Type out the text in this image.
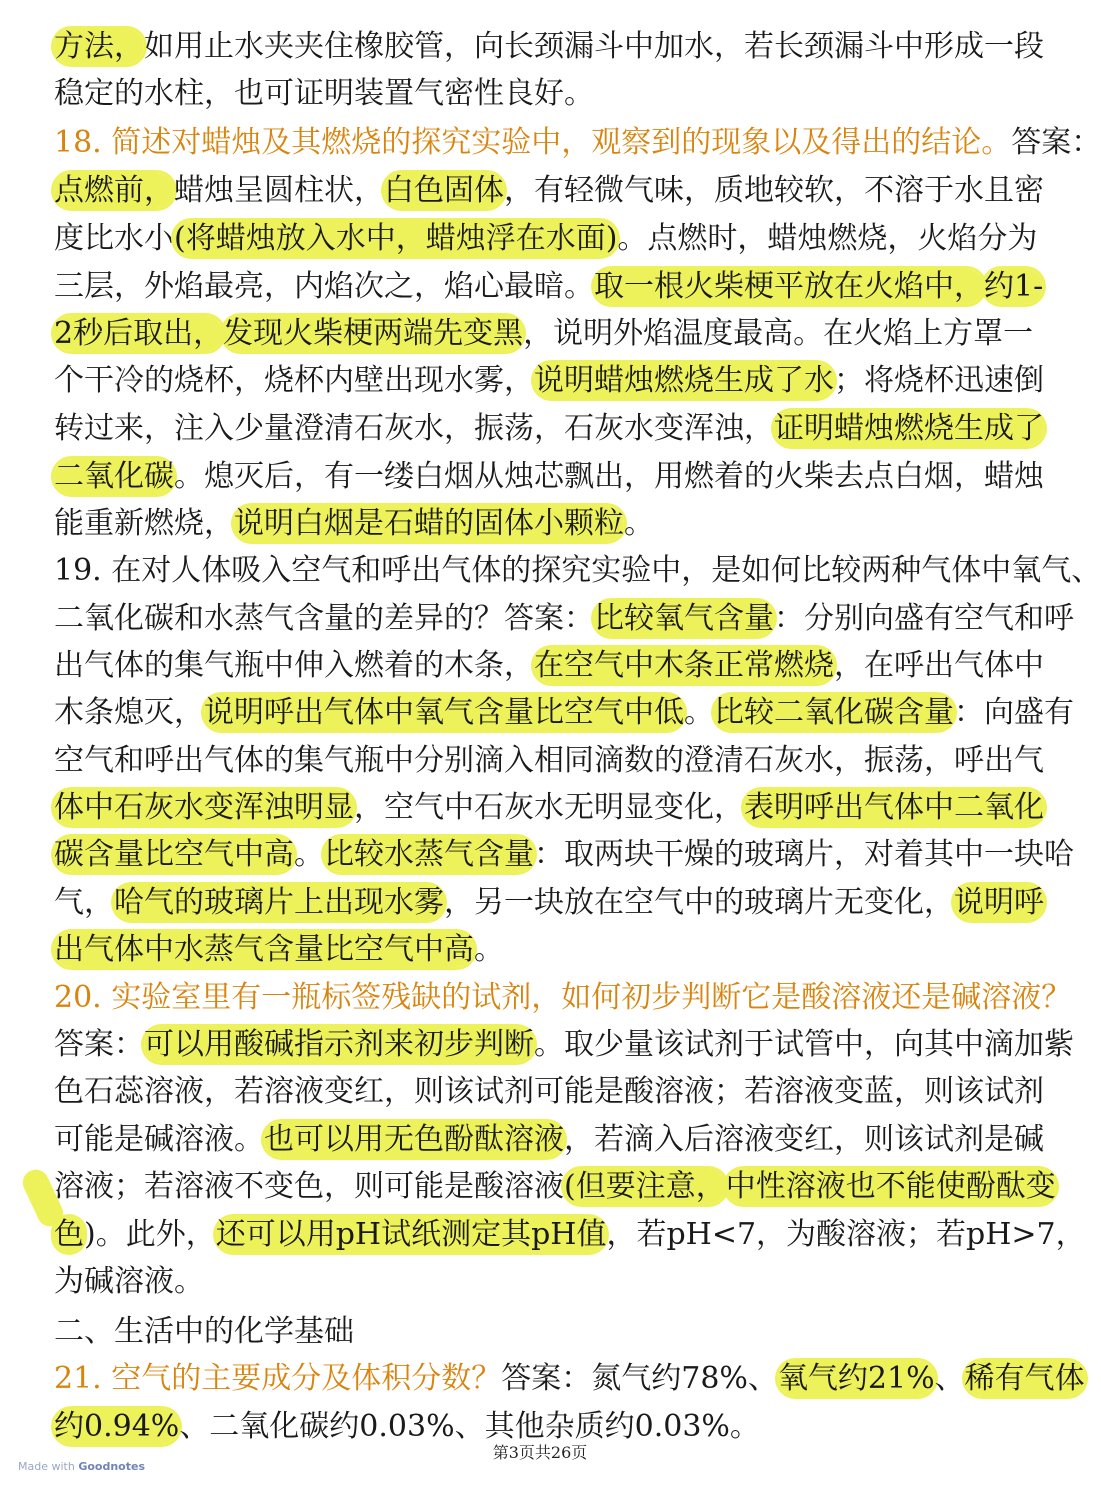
方法，如用止水夹夹住橡胶管，向长颈漏斗中加水，若长颈漏斗中形成一段
稳定的水柱，也可证明装置气密性良好。
18. 简述对蜡烛及其燃烧的探究实验中，观察到的现象以及得出的结论。答案：
点燃前，蜡烛呈圆柱状，白色固体，有轻微气味，质地较软，不溶于水且密
度比水小(将蜡烛放入水中，蜡烛浮在水面)。点燃时，蜡烛燃烧，火焰分为
三层，外焰最亮，内焰次之，焰心最暗。取一根火柴梗平放在火焰中，约1-
2秒后取出，发现火柴梗两端先变黑，说明外焰温度最高。在火焰上方罩一
个干冷的烧杯，烧杯内壁出现水雾，说明蜡烛燃烧生成了水；将烧杯迅速倒
转过来，注入少量澄清石灰水，振荡，石灰水变浑浊，证明蜡烛燃烧生成了
二氧化碳。熄灭后，有一缕白烟从烛芯飘出，用燃着的火柴去点白烟，蜡烛
能重新燃烧，说明白烟是石蜡的固体小颗粒。
19. 在对人体吸入空气和呼出气体的探究实验中，是如何比较两种气体中氧气、
二氧化碳和水蒸气含量的差异的？答案：比较氧气含量：分别向盛有空气和呼
出气体的集气瓶中伸入燃着的木条，在空气中木条正常燃烧，在呼出气体中
木条熄灭，说明呼出气体中氧气含量比空气中低。比较二氧化碳含量：向盛有
空气和呼出气体的集气瓶中分别滴入相同滴数的澄清石灰水，振荡，呼出气
体中石灰水变浑浊明显，空气中石灰水无明显变化，表明呼出气体中二氧化
碳含量比空气中高。比较水蒸气含量：取两块干燥的玻璃片，对着其中一块哈
气，哈气的玻璃片上出现水雾，另一块放在空气中的玻璃片无变化，说明呼
出气体中水蒸气含量比空气中高。
20. 实验室里有一瓶标签残缺的试剂，如何初步判断它是酸溶液还是碱溶液？
答案：可以用酸碱指示剂来初步判断。取少量该试剂于试管中，向其中滴加紫
色石蕊溶液，若溶液变红，则该试剂可能是酸溶液；若溶液变蓝，则该试剂
可能是碱溶液。也可以用无色酚酞溶液，若滴入后溶液变红，则该试剂是碱
溶液；若溶液不变色，则可能是酸溶液(但要注意，中性溶液也不能使酚酞变
色)。此外，还可以用pH试纸测定其pH值，若pH<7，为酸溶液；若pH>7，
为碱溶液。
二、生活中的化学基础
21. 空气的主要成分及体积分数？答案：氮气约78%、氧气约21%、稀有气体
约0.94%、二氧化碳约0.03%、其他杂质约0.03%。
第3页共26页
Made with Goodnotes
